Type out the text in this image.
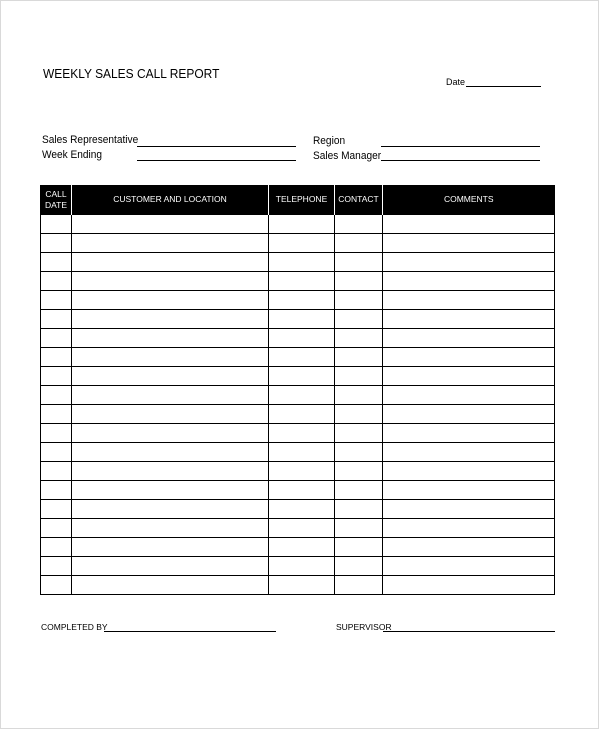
WEEKLY SALES CALL REPORT
Date
Sales Representative
Week Ending
Region
Sales Manager
CALL
DATE	CUSTOMER AND LOCATION	TELEPHONE	CONTACT	COMMENTS

COMPLETED BY	SUPERVISOR
